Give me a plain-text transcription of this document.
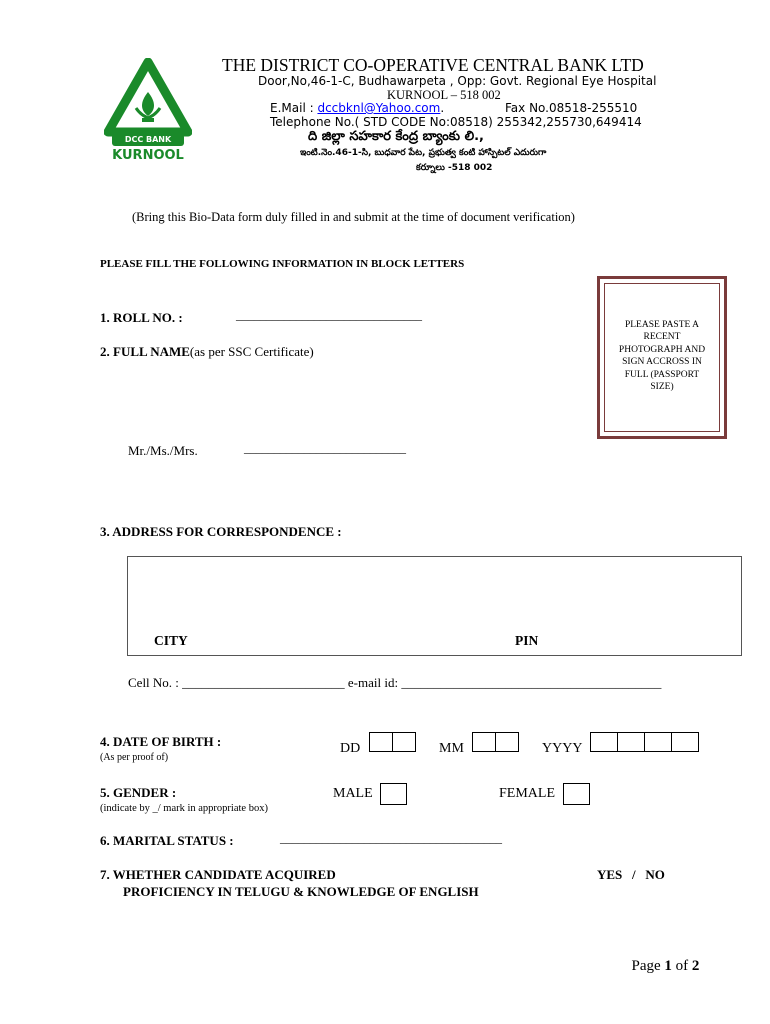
DCC BANK
KURNOOL
THE DISTRICT CO-OPERATIVE CENTRAL BANK LTD
Door,No,46-1-C, Budhawarpeta , Opp: Govt. Regional Eye Hospital
KURNOOL – 518 002
E.Mail : dccbknl@Yahoo.com.	Fax No.08518-255510
Telephone No.( STD CODE No:08518) 255342,255730,649414
ది జిల్లా సహకార కేంద్ర బ్యాంకు లి.,
ఇంటి.నెం.46-1-సి, బుధవార పేట, ప్రభుత్వ కంటి హాస్పిటల్ ఎదురుగా
కర్నూలు -518 002
(Bring this Bio-Data form duly filled in and submit at the time of document verification)
PLEASE FILL THE FOLLOWING INFORMATION IN BLOCK LETTERS
PLEASE PASTE A RECENT PHOTOGRAPH AND SIGN ACCROSS IN FULL (PASSPORT SIZE)
1. ROLL NO. :	_______________________________
2. FULL NAME(as per SSC Certificate)
Mr./Ms./Mrs.	___________________________
3. ADDRESS FOR CORRESPONDENCE :
CITY	PIN
Cell No. : _________________________ e-mail id: ________________________________________
4. DATE OF BIRTH :
(As per proof of)
DD	MM	YYYY
5. GENDER :
(indicate by _/ mark in appropriate box)
MALE	FEMALE
6. MARITAL STATUS :	_____________________________________
7. WHETHER CANDIDATE ACQUIRED
PROFICIENCY IN TELUGU & KNOWLEDGE OF ENGLISH
YES   /   NO

Page 1 of 2
